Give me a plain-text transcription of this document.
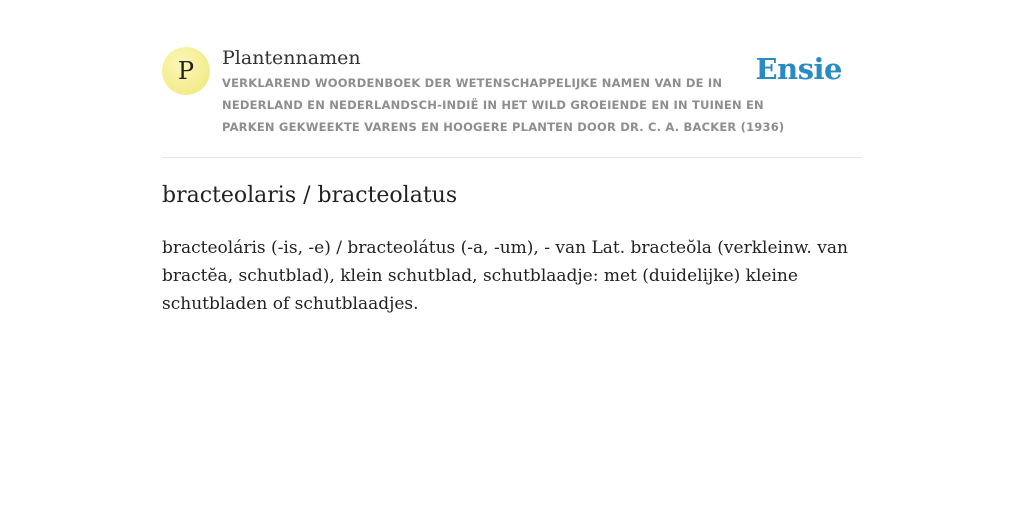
P Plantennamen

VERKLAREND WOORDENBOEK DER WETENSCHAPPELIJKE NAMEN VAN DE IN NEDERLAND EN NEDERLANDSCH-INDIË IN HET WILD GROEIENDE EN IN TUINEN EN PARKEN GEKWEEKTE VARENS EN HOOGERE PLANTEN DOOR DR. C. A. BACKER (1936)

Ensie
bracteolaris / bracteolatus

bracteoláris (-is, -e) / bracteolátus (-a, -um), - van Lat. bracteŏla (verkleinw. van bractĕa, schutblad), klein schutblad, schutblaadje: met (duidelijke) kleine schutbladen of schutblaadjes.
